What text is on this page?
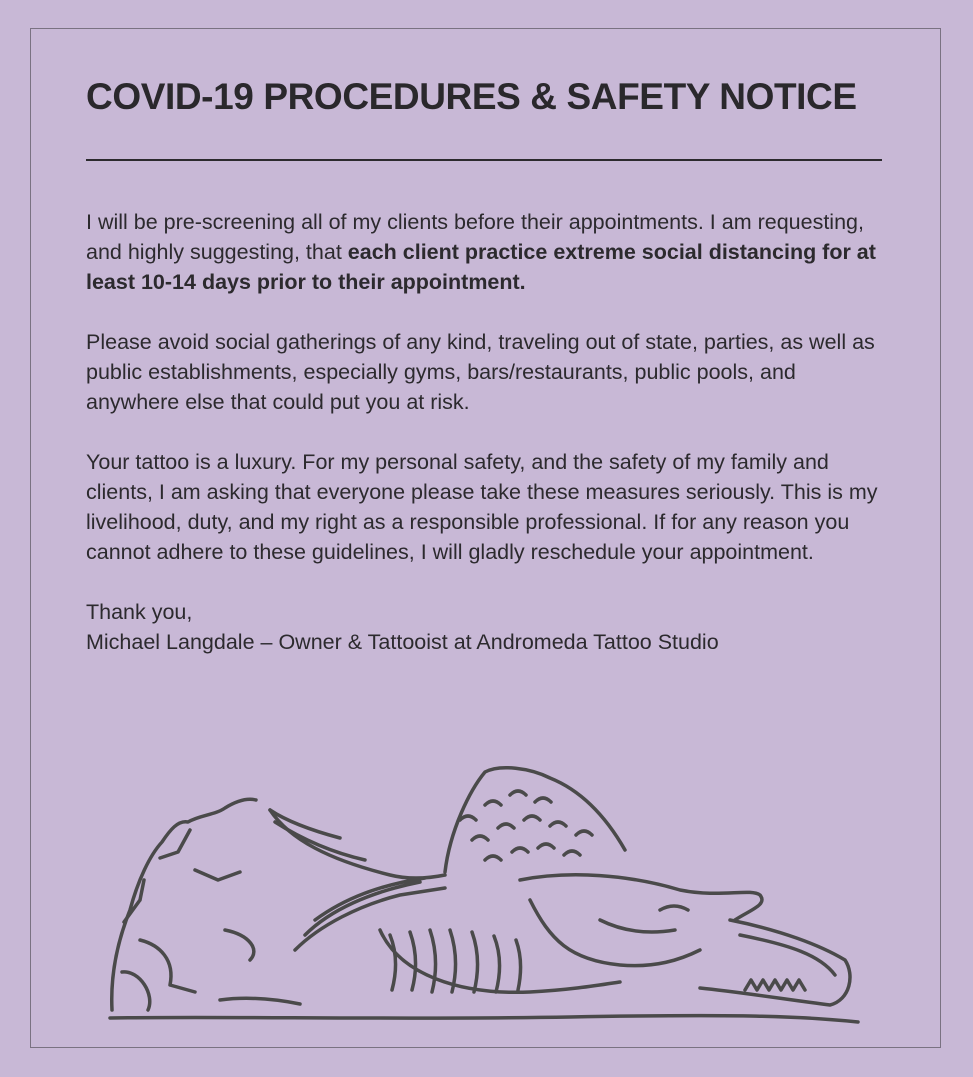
COVID-19 PROCEDURES & SAFETY NOTICE

I will be pre-screening all of my clients before their appointments. I am requesting, and highly suggesting, that each client practice extreme social distancing for at least 10-14 days prior to their appointment.

Please avoid social gatherings of any kind, traveling out of state, parties, as well as public establishments, especially gyms, bars/restaurants, public pools, and anywhere else that could put you at risk.

Your tattoo is a luxury. For my personal safety, and the safety of my family and clients, I am asking that everyone please take these measures seriously. This is my livelihood, duty, and my right as a responsible professional. If for any reason you cannot adhere to these guidelines, I will gladly reschedule your appointment.

Thank you,
Michael Langdale – Owner & Tattooist at Andromeda Tattoo Studio
